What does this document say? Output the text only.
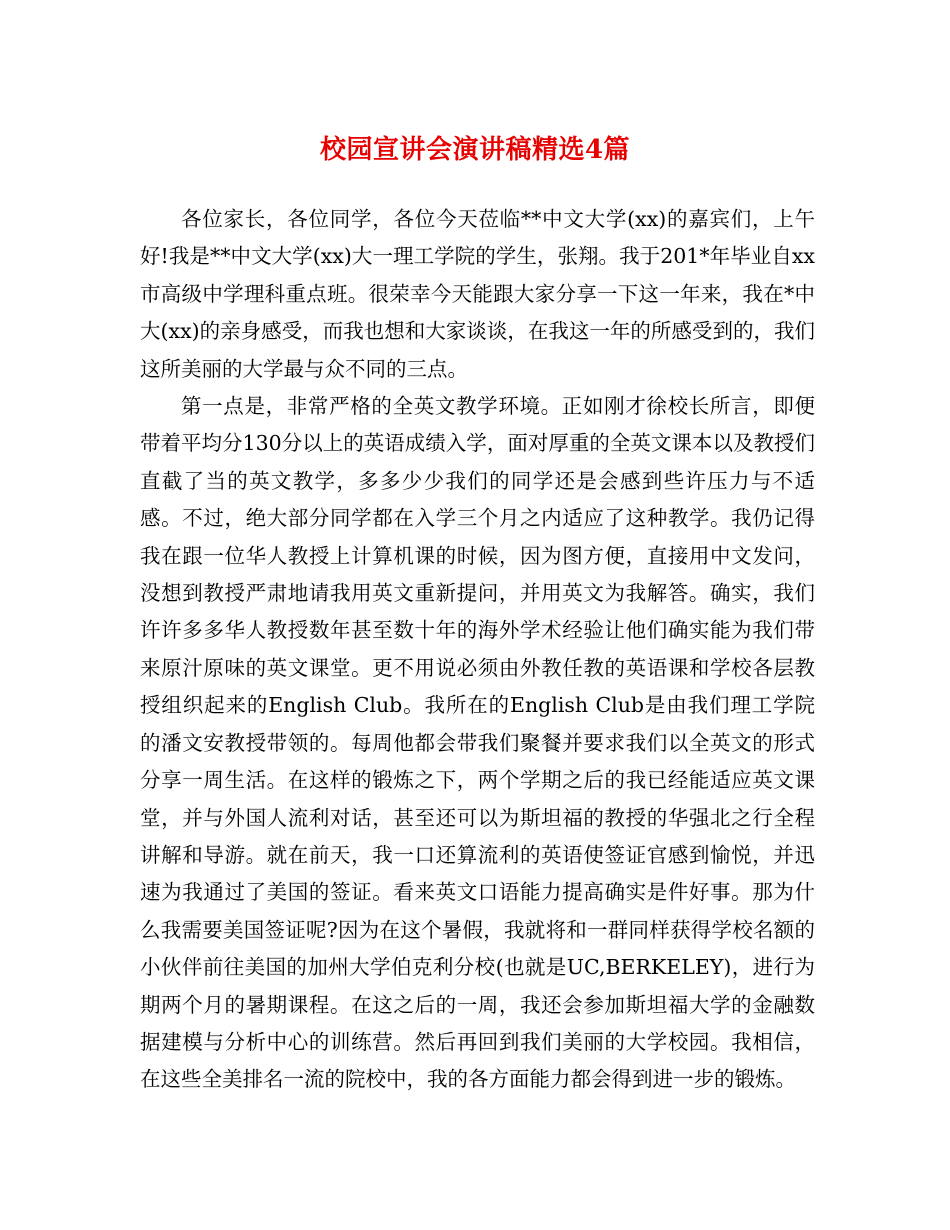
校园宣讲会演讲稿精选4篇

各位家长，各位同学，各位今天莅临**中文大学(xx)的嘉宾们，上午好!我是**中文大学(xx)大一理工学院的学生，张翔。我于201*年毕业自xx市高级中学理科重点班。很荣幸今天能跟大家分享一下这一年来，我在*中大(xx)的亲身感受，而我也想和大家谈谈，在我这一年的所感受到的，我们这所美丽的大学最与众不同的三点。

第一点是，非常严格的全英文教学环境。正如刚才徐校长所言，即便带着平均分130分以上的英语成绩入学，面对厚重的全英文课本以及教授们直截了当的英文教学，多多少少我们的同学还是会感到些许压力与不适感。不过，绝大部分同学都在入学三个月之内适应了这种教学。我仍记得我在跟一位华人教授上计算机课的时候，因为图方便，直接用中文发问，没想到教授严肃地请我用英文重新提问，并用英文为我解答。确实，我们许许多多华人教授数年甚至数十年的海外学术经验让他们确实能为我们带来原汁原味的英文课堂。更不用说必须由外教任教的英语课和学校各层教授组织起来的English Club。我所在的English Club是由我们理工学院的潘文安教授带领的。每周他都会带我们聚餐并要求我们以全英文的形式分享一周生活。在这样的锻炼之下，两个学期之后的我已经能适应英文课堂，并与外国人流利对话，甚至还可以为斯坦福的教授的华强北之行全程讲解和导游。就在前天，我一口还算流利的英语使签证官感到愉悦，并迅速为我通过了美国的签证。看来英文口语能力提高确实是件好事。那为什么我需要美国签证呢?因为在这个暑假，我就将和一群同样获得学校名额的小伙伴前往美国的加州大学伯克利分校(也就是UC,BERKELEY)，进行为期两个月的暑期课程。在这之后的一周，我还会参加斯坦福大学的金融数据建模与分析中心的训练营。然后再回到我们美丽的大学校园。我相信，在这些全美排名一流的院校中，我的各方面能力都会得到进一步的锻炼。
